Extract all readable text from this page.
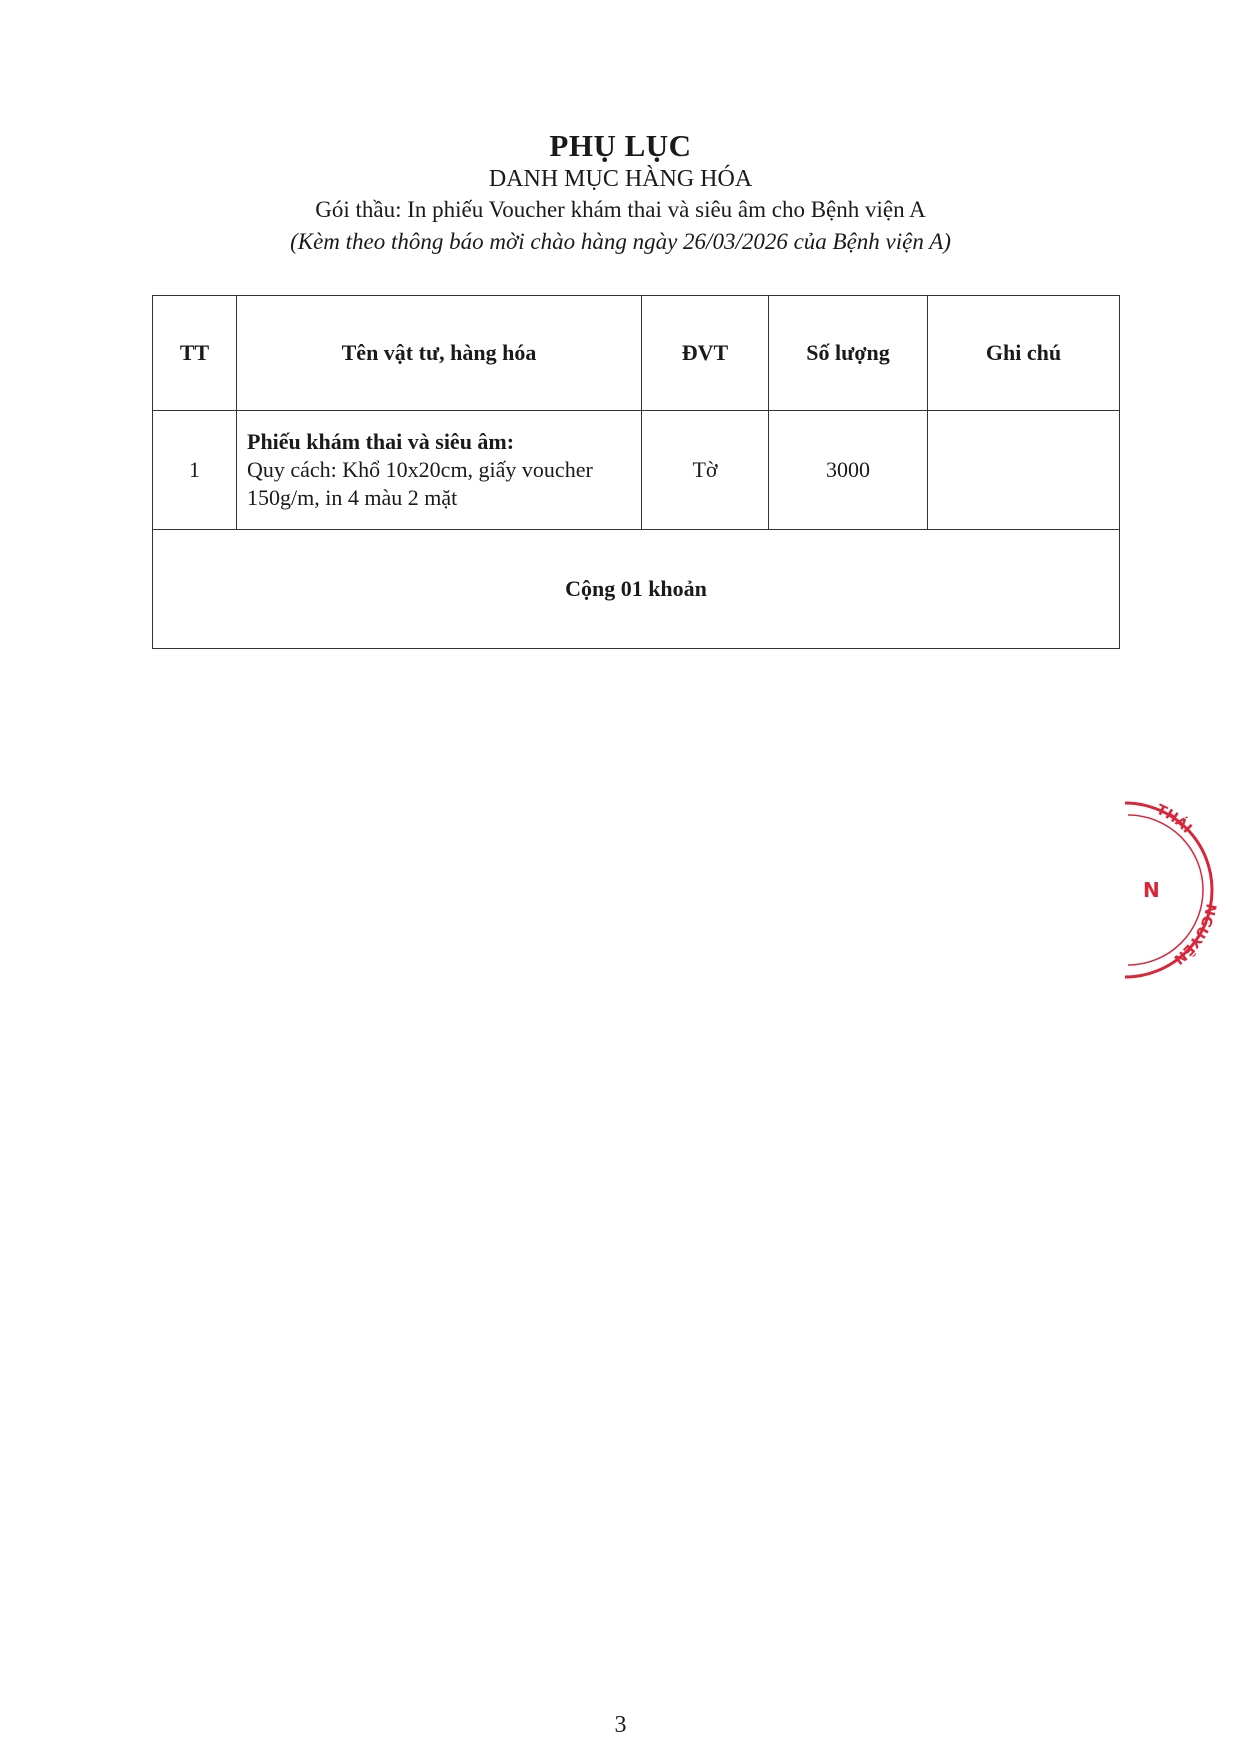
PHỤ LỤC
DANH MỤC HÀNG HÓA
Gói thầu: In phiếu Voucher khám thai và siêu âm cho Bệnh viện A
(Kèm theo thông báo mời chào hàng ngày 26/03/2026 của Bệnh viện A)
TT	Tên vật tư, hàng hóa	ĐVT	Số lượng	Ghi chú
1	Phiếu khám thai và siêu âm:
Quy cách: Khổ 10x20cm, giấy voucher 150g/m, in 4 màu 2 mặt	Tờ	3000	
Cộng 01 khoản				
THÁI
N
NGUYÊN
3
